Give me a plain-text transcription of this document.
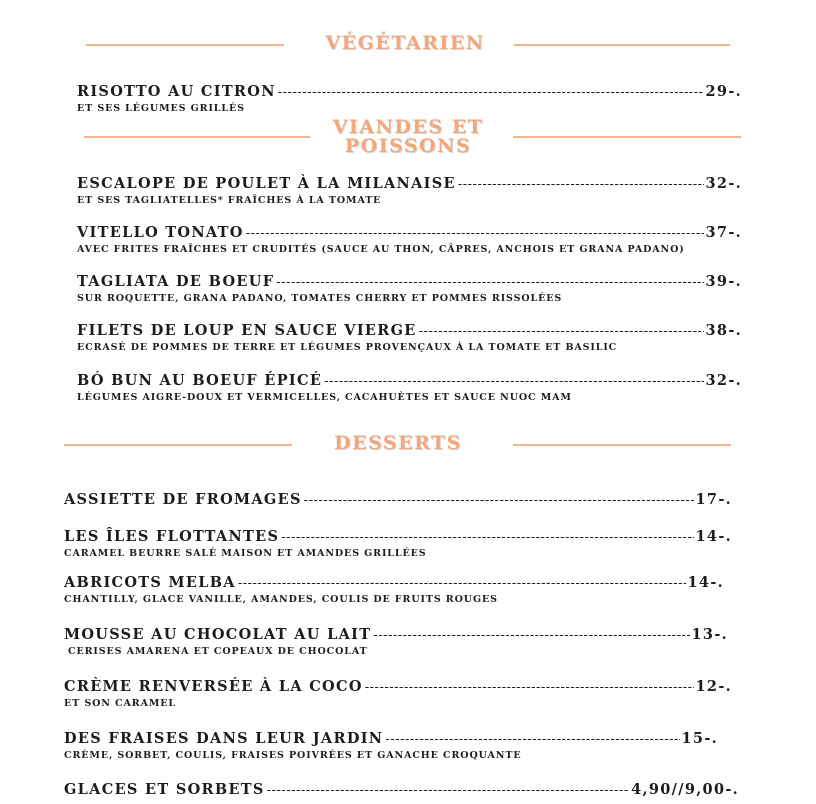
VÉGÉTARIEN
RISOTTO AU CITRON -----	29-.
ET SES LÉGUMES GRILLÉS
VIANDES ET
POISSONS
ESCALOPE DE POULET À LA MILANAISE -----	32-.
ET SES TAGLIATELLES* FRAÎCHES À LA TOMATE
VITELLO TONATO -----	37-.
AVEC FRITES FRAÎCHES ET CRUDITÉS (SAUCE AU THON, CÂPRES, ANCHOIS ET GRANA PADANO)
TAGLIATA DE BOEUF -----	39-.
SUR ROQUETTE, GRANA PADANO, TOMATES CHERRY ET POMMES RISSOLÉES
FILETS DE LOUP EN SAUCE VIERGE -----	38-.
ECRASÉ DE POMMES DE TERRE ET LÉGUMES PROVENÇAUX À LA TOMATE ET BASILIC
BÓ BUN AU BOEUF ÉPICÉ -----	32-.
LÉGUMES AIGRE-DOUX ET VERMICELLES, CACAHUÈTES ET SAUCE NUOC MAM
DESSERTS
ASSIETTE DE FROMAGES -----	17-.
LES ÎLES FLOTTANTES -----	14-.
CARAMEL BEURRE SALÉ MAISON ET AMANDES GRILLÉES
ABRICOTS MELBA -----	14-.
CHANTILLY, GLACE VANILLE, AMANDES, COULIS DE FRUITS ROUGES
MOUSSE AU CHOCOLAT AU LAIT -----	13-.
CERISES AMARENA ET COPEAUX DE CHOCOLAT
CRÈME RENVERSÉE À LA COCO -----	12-.
ET SON CARAMEL
DES FRAISES DANS LEUR JARDIN -----	15-.
CRÈME, SORBET, COULIS, FRAISES POIVRÉES ET GANACHE CROQUANTE
GLACES ET SORBETS -----	4,90//9,00-.
